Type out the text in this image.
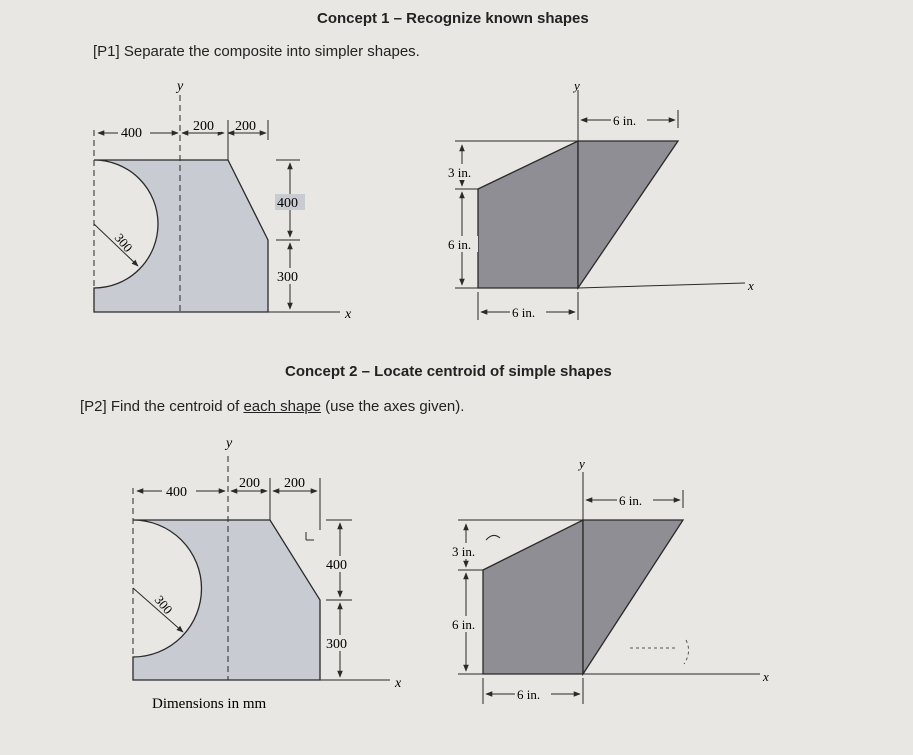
Concept 1 – Recognize known shapes
[P1] Separate the composite into simpler shapes.
Concept 2 – Locate centroid of simple shapes
[P2] Find the centroid of each shape (use the axes given).
400	200 200
400
300
300
y
x
3 in.
6 in.
6 in.
6 in.
y
x
400
200 200
400
300
300
y
x
Dimensions in mm
3 in.
6 in.
6 in.
6 in.
y
x
